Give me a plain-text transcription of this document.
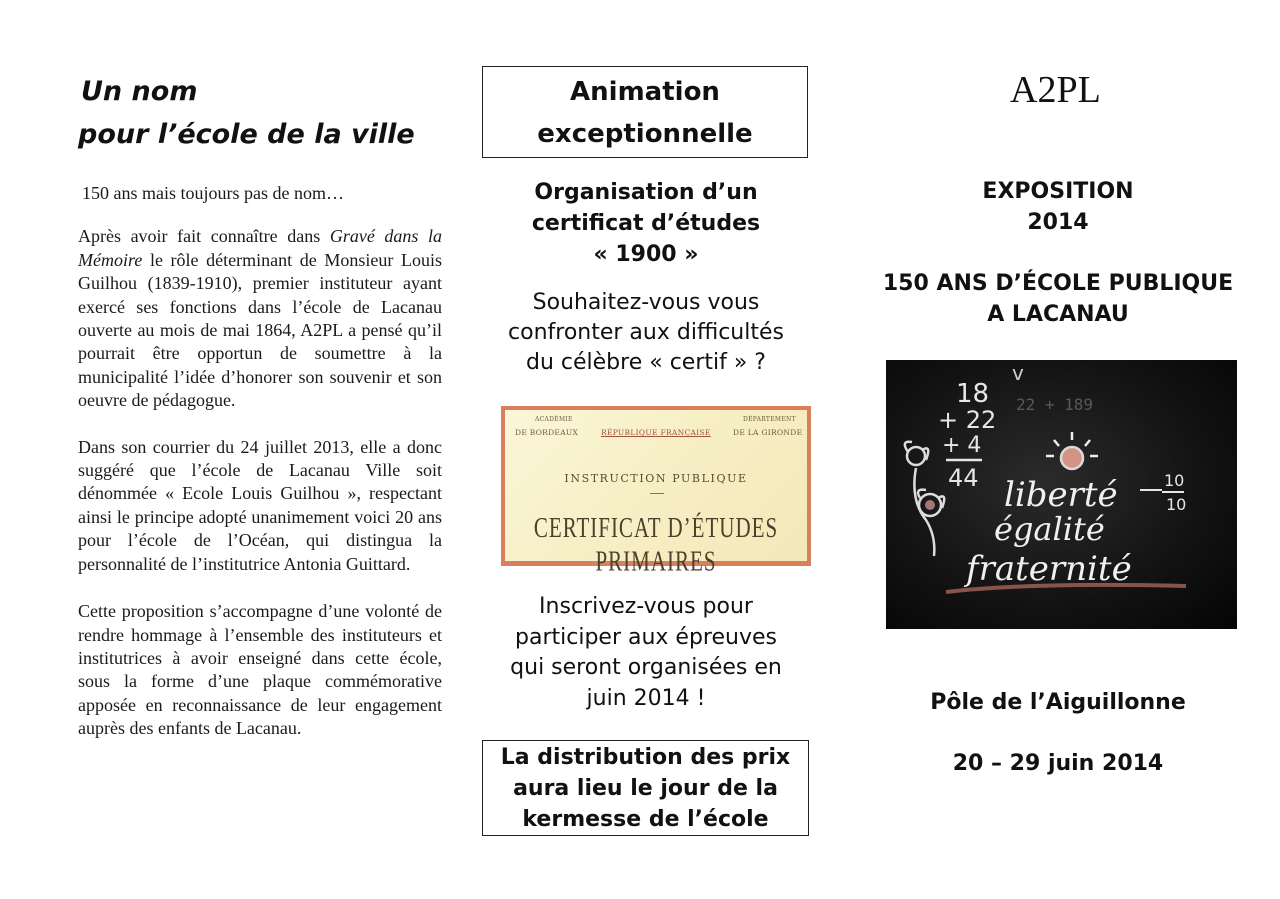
Un nom
pour l’école de la ville

150 ans mais toujours pas de nom…

Après avoir fait connaître dans Gravé dans la Mémoire le rôle déterminant de Monsieur Louis Guilhou (1839-1910), premier instituteur ayant exercé ses fonctions dans l’école de Lacanau ouverte au mois de mai 1864, A2PL a pensé qu’il pourrait être opportun de soumettre à la municipalité l’idée d’honorer son souvenir et son oeuvre de pédagogue.

Dans son courrier du 24 juillet 2013, elle a donc suggéré que l’école de Lacanau Ville soit dénommée « Ecole Louis Guilhou », respectant ainsi le principe adopté unanimement voici 20 ans pour l’école de l’Océan, qui distingua la personnalité de l’institutrice Antonia Guittard.

Cette proposition s’accompagne d’une volonté de rendre hommage à l’ensemble des instituteurs et institutrices à avoir enseigné dans cette école, sous la forme d’une plaque commémorative apposée en reconnaissance de leur engagement auprès des enfants de Lacanau.

Animation
exceptionnelle
Organisation d’un
certificat d’études
« 1900 »
Souhaitez-vous vous
confronter aux difficultés
du célèbre « certif » ?
ACADÉMIE
DE BORDEAUX	RÉPUBLIQUE FRANÇAISE
DÉPARTEMENT
DE LA GIRONDE
INSTRUCTION PUBLIQUE
CERTIFICAT D’ÉTUDES PRIMAIRES
Inscrivez-vous pour
participer aux épreuves
qui seront organisées en
juin 2014 !
La distribution des prix
aura lieu le jour de la
kermesse de l’école
A2PL
EXPOSITION
2014
150 ANS D’ÉCOLE PUBLIQUE
A LACANAU
22 + 189
v
18
+ 22
+ 4
44 liberté
égalité
fraternité
10
10
Pôle de l’Aiguillonne
20 – 29 juin 2014
